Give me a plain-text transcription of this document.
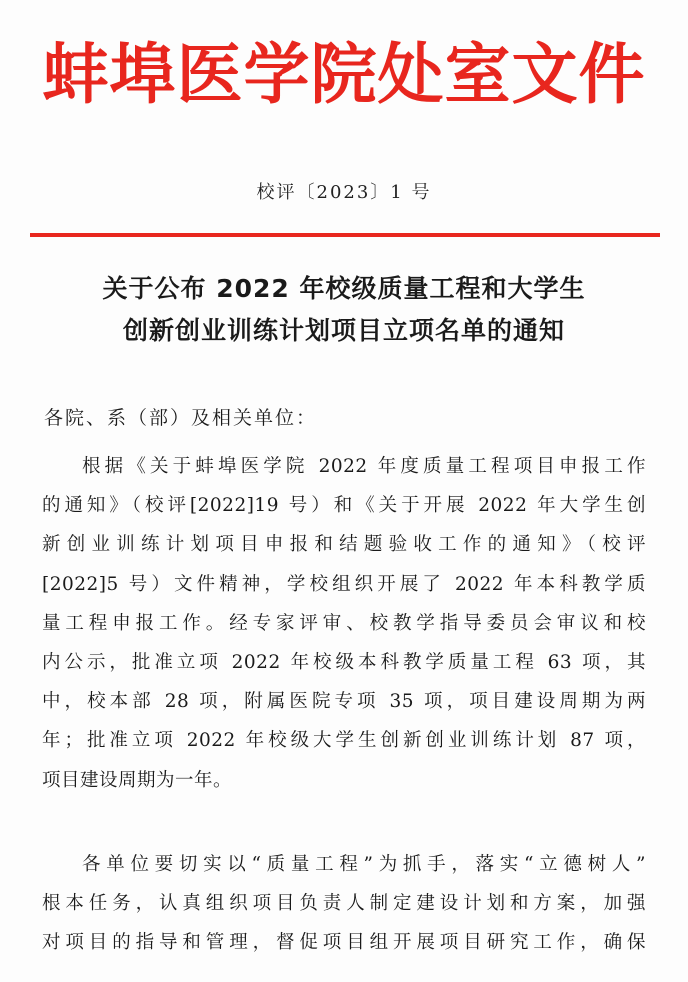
蚌埠医学院处室文件
校评〔2023〕1 号
关于公布 2022 年校级质量工程和大学生
创新创业训练计划项目立项名单的通知
各院、系（部）及相关单位：
根据《关于蚌埠医学院 2022 年度质量工程项目申报工作
的通知》（校评[2022]19 号）和《关于开展 2022 年大学生创
新创业训练计划项目申报和结题验收工作的通知》（校评
[2022]5 号）文件精神，学校组织开展了 2022 年本科教学质
量工程申报工作。经专家评审、校教学指导委员会审议和校
内公示，批准立项 2022 年校级本科教学质量工程 63 项，其
中，校本部 28 项，附属医院专项 35 项，项目建设周期为两
年；批准立项 2022 年校级大学生创新创业训练计划 87 项，
项目建设周期为一年。
各单位要切实以“质量工程”为抓手，落实“立德树人”
根本任务，认真组织项目负责人制定建设计划和方案，加强
对项目的指导和管理，督促项目组开展项目研究工作，确保
